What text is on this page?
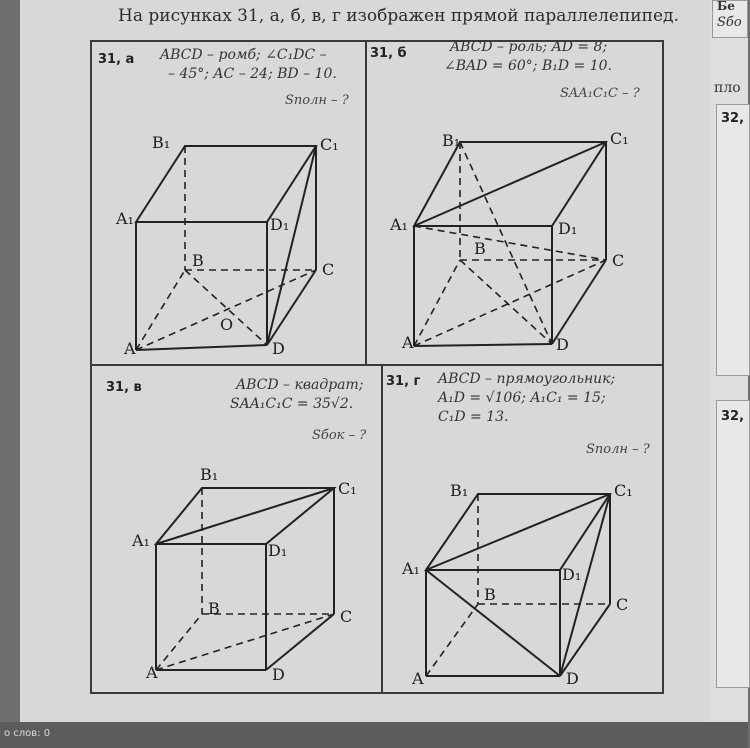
На рисунках 31, а, б, в, г изображен прямой параллелепипед.
31, а ABCD – ромб; ∠C₁DC –
– 45°; AC – 24; BD – 10.
Sполн – ?
B₁	C₁
A₁	D₁
B	C
A	D
O
31, б	ABCD – роль; AD = 8;
∠BAD = 60°; B₁D = 10.
SAA₁C₁C – ?
B₁	C₁
A₁	D₁
B
C
A	D
31, в	ABCD – квадрат;
SAA₁C₁C = 35√2.
Sбок – ?
B₁
C₁
A₁
D₁
B	C
A	D
31, г ABCD – прямоугольник;
A₁D = √106; A₁C₁ = 15;
C₁D = 13.
Sполн – ?
B₁	C₁
A₁	D₁
B
C
A	D
Бе
Sбо
пло
32,
32,
о слов: 0
